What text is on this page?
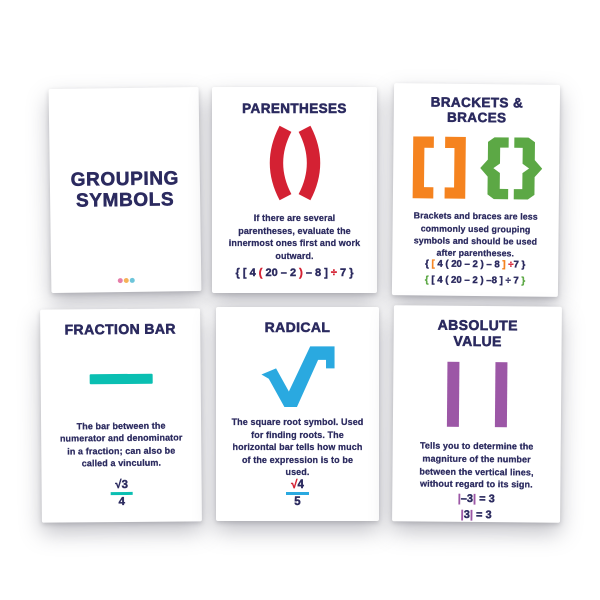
GROUPING
SYMBOLS
PARENTHESES

If there are several parentheses, evaluate the innermost ones first and work outward.

{ [ 4 ( 20 – 2 ) – 8 ] ÷ 7 }
BRACKETS &
BRACES

Brackets and braces are less commonly used grouping symbols and should be used after parentheses.

{ [ 4 ( 20 – 2 ) – 8 ] ÷7 }
{ [ 4 ( 20 – 2 ) –8 ] ÷ 7 }
FRACTION BAR

The bar between the numerator and denominator in a fraction; can also be called a vinculum.

$\frac{√3}{4}$
RADICAL

The square root symbol. Used for finding roots. The horizontal bar tells how much of the expression is to be used.

$\frac{√4}{5}$
ABSOLUTE
VALUE

Tells you to determine the magniture of the number between the vertical lines, without regard to its sign.

|–3| = 3
|3| = 3
